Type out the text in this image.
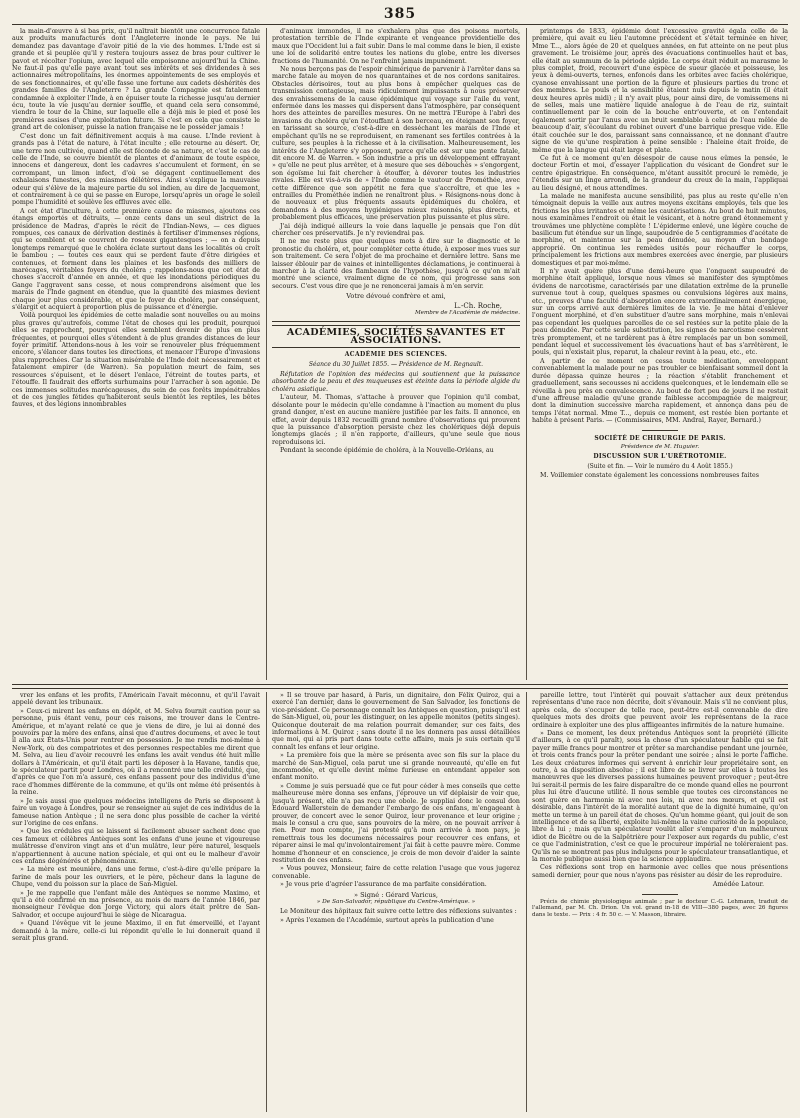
385

la main-d'œuvre à si bas prix, qu'il naîtrait bientôt une concurrence fatale aux produits manufacturés dont l'Angleterre inonde le pays. Ne lui demandez pas davantage d'avoir pitié de la vie des hommes. L'Inde est si grande et si peuplée qu'il y restera toujours assez de bras pour cultiver le pavot et récolter l'opium, avec lequel elle empoisonne aujourd'hui la Chine. Ne faut-il pas qu'elle paye avant tout ses intérêts et ses dividendes à ses actionnaires métropolitains, les énormes appointements de ses employés et de ses fonctionnaires, et qu'elle fasse une fortune aux cadets déshérités des grandes familles de l'Angleterre ? La grande Compagnie est fatalement condamnée à exploiter l'Inde, à en épuiser toute la richesse jusqu'au dernier écu, toute la vie jusqu'au dernier souffle, et quand cela sera consommé, viendra le tour de la Chine, sur laquelle elle a déjà mis le pied et posé les premières assises d'une exploitation future. Si c'est en cela que consiste le grand art de coloniser, puisse la nation française ne le posséder jamais !

C'est donc un fait définitivement acquis à ma cause. L'Inde revient à grands pas à l'état de nature, à l'état inculte ; elle retourne au désert. Or, une terre non cultivée, quand elle est féconde de sa nature, et c'est le cas de celle de l'Inde, se couvre bientôt de plantes et d'animaux de toute espèce, innocens et dangereux, dont les cadavres s'accumulent et forment, en se corrompant, un limon infect, d'où se dégagent continuellement des exhalaisons funestes, des miasmes délétères. Ainsi s'explique la mauvaise odeur qui s'élève de la majeure partie du sol indien, au dire de Jacquemont, et contrairement à ce qui se passe en Europe, lorsqu'après un orage le soleil pompe l'humidité et soulève les effluves avec elle.

A cet état d'inculture, à cette première cause de miasmes, ajoutons ces étangs emportés et détruits, — onze cents dans un seul district de la présidence de Madras, d'après le récit de l'Indian-News, — ces digues rompues, ces canaux de dérivation destinés à fertiliser d'immenses régions, qui se comblent et se couvrent de roseaux gigantesques ; — on a depuis longtemps remarqué que le choléra éclate surtout dans les localités où croît le bambou ; — toutes ces eaux qui se perdent faute d'être dirigées et contenues, et forment dans les plaines et les basfonds des milliers de marécages, véritables foyers du choléra ; rappelons-nous que cet état de choses s'accroît d'année en année, et que les inondations périodiques du Gange l'aggravent sans cesse, et nous comprendrons aisément que les marais de l'Inde gagnent en étendue, que la quantité des miasmes devient chaque jour plus considérable, et que le foyer du choléra, par conséquent, s'élargit et acquiert à proportion plus de puissance et d'énergie.

Voilà pourquoi les épidémies de cette maladie sont nouvelles ou au moins plus graves qu'autrefois, comme l'état de choses qui les produit, pourquoi elles se rapprochent, pourquoi elles semblent devenir de plus en plus fréquentes, et pourquoi elles s'étendent à de plus grandes distances de leur foyer primitif. Attendons-nous à les voir se renouveler plus fréquemment encore, s'élancer dans toutes les directions, et menacer l'Europe d'invasions plus rapprochées. Car la situation misérable de l'Inde doit nécessairement et fatalement empirer (de Warren). Sa population meurt de faim, ses ressources s'épuisent, et le désert l'enlace, l'étreint de toutes parts, et l'étouffe. Il faudrait des efforts surhumains pour l'arracher à son agonie. De ces immenses solitudes marécageuses, du sein de ces forêts impénétrables et de ces jungles fétides qu'habiteront seuls bientôt les reptiles, les bêtes fauves, et des légions innombrables

d'animaux immondes, il ne s'exhalera plus que des poisons mortels, protestation terrible de l'Inde expirante et vengeance providentielle des maux que l'Occident lui a fait subir. Dans le mal comme dans le bien, il existe une loi de solidarité entre toutes les nations du globe, entre les diverses fractions de l'humanité. On ne l'enfreint jamais impunément.

Ne nous berçons pas de l'espoir chimérique de parvenir à l'arrêter dans sa marche fatale au moyen de nos quarantaines et de nos cordons sanitaires. Obstacles dérisoires, tout au plus bons à empêcher quelques cas de transmission contagieuse, mais ridiculement impuissants à nous préserver des envahissemens de la cause épidémique qui voyage sur l'aile du vent, enfermée dans les masses qui dispersent dans l'atmosphère, par conséquent hors des atteintes de pareilles mesures. On ne mettra l'Europe à l'abri des invasions du choléra qu'en l'étouffant à son berceau, en éteignant son foyer, en tarissant sa source, c'est-à-dire en desséchant les marais de l'Inde et empêchant qu'ils ne se reproduisent, en ramenant ses fertiles contrées à la culture, ses peuples à la richesse et à la civilisation. Malheureusement, les intérêts de l'Angleterre s'y opposent, parce qu'elle est sur une pente fatale, dit encore M. de Warren. « Son industrie a pris un développement effrayant » qu'elle ne peut plus arrêter, et à mesure que ses débouchés » s'engorgent, son égoïsme lui fait chercher à étouffer, à dévorer toutes les industries rivales. Elle est vis-à-vis de » l'Inde comme le vautour de Prométhée, avec cette différence que son appétit ne fera que s'accroître, et que les » entrailles du Prométhée indien ne renaîtront plus. » Résignons-nous donc à de nouveaux et plus fréquents assauts épidémiques du choléra, et demandons à des moyens hygiéniques mieux raisonnés, plus directs, et probablement plus efficaces, une préservation plus puissante et plus sûre.

J'ai déjà indiqué ailleurs la voie dans laquelle je pensais que l'on dût chercher ces préservatifs. Je n'y reviendrai pas.

Il ne me reste plus que quelques mots à dire sur le diagnostic et le pronostic du choléra, et, pour compléter cette étude, à exposer mes vues sur son traitement. Ce sera l'objet de ma prochaine et dernière lettre. Sans me laisser éblouir par de vaines et inintelligentes déclamations, je continuerai à marcher à la clarté des flambeaux de l'hypothèse, jusqu'à ce qu'on m'ait montré une science, vraiment digne de ce nom, qui progresse sans son secours. C'est vous dire que je ne renoncerai jamais à m'en servir.

Votre dévoué confrère et ami,
L.-Ch. Roche,
Membre de l'Académie de médecine.
ACADÉMIES, SOCIÉTÉS SAVANTES ET ASSOCIATIONS.
ACADÉMIE DES SCIENCES.
Séance du 30 Juillet 1855. — Présidence de M. Regnault.

Réfutation de l'opinion des médecins qui soutiennent que la puissance absorbante de la peau et des muqueuses est éteinte dans la période algide du choléra asiatique.

L'auteur, M. Thomas, s'attache à prouver que l'opinion qu'il combat, désolante pour le médecin qu'elle condamne à l'inaction au moment du plus grand danger, n'est en aucune manière justifiée par les faits. Il annonce, en effet, avoir depuis 1832 recueilli grand nombre d'observations qui prouvent que la puissance d'absorption persiste chez les cholériques déjà depuis longtemps glacés ; il n'en rapporte, d'ailleurs, qu'une seule que nous reproduisons ici.

Pendant la seconde épidémie de choléra, à la Nouvelle-Orléans, au

printemps de 1833, épidémie dont l'excessive gravité égala celle de la première, qui avait eu lieu l'automne précédent et s'était terminée en hiver, Mme T..., alors âgée de 20 et quelques années, en fut atteinte on ne peut plus gravement. Le troisième jour, après des évacuations continuelles haut et bas, elle était au summum de la période algide. Le corps était réduit au marasme le plus complet, froid, recouvert d'une espèce de sueur glacée et poisseuse, les yeux à demi-ouverts, ternes, enfoncés dans les orbites avec facies cholérique, cyanose envahissant une portion de la figure et plusieurs parties du tronc et des membres. Le pouls et la sensibilité étaient nuls depuis le matin (il était deux heures après midi) ; il n'y avait plus, pour ainsi dire, de vomissemens ni de selles, mais une matière liquide analogue à de l'eau de riz, suintait continuellement par le coin de la bouche entr'ouverte, et on l'entendait également sortir par l'anus avec un bruit semblable à celui de l'eau mêlée de beaucoup d'air, s'écoulant du robinet ouvert d'une barrique presque vide. Elle était couchée sur le dos, paraissant sans connaissance, et ne donnant d'autre signe de vie qu'une respiration à peine sensible : l'haleine était froide, de même que la langue qui était large et plate.

Ce fut à ce moment qu'en désespoir de cause nous eûmes la pensée, le docteur Fortin et moi, d'essayer l'application du vésicant de Gondret sur le centre épigastrique. En conséquence, m'étant aussitôt procuré le remède, je l'étendis sur un linge arrondi, de la grandeur du creux de la main, l'appliquai au lieu désigné, et nous attendîmes.

La malade ne manifesta aucune sensibilité, pas plus au reste qu'elle n'en témoignait depuis la veille aux autres moyens excitans employés, tels que les frictions les plus irritantes et même les cautérisations. Au bout de huit minutes, nous examinâmes l'endroit où était le vésicant, et à notre grand étonnement y trouvâmes une phlyctène complète ! L'épiderme enlevé, une légère couche de basilicum fut étendue sur un linge, saupoudrée de 5 centigrammes d'acétate de morphine, et maintenue sur la peau dénudée, au moyen d'un bandage approprié. On continua les remèdes usités pour réchauffer le corps, principalement les frictions aux membres exercées avec énergie, par plusieurs domestiques et par moi-même.

Il n'y avait guère plus d'une demi-heure que l'onguent saupoudré de morphine était appliqué, lorsque nous vîmes se manifester des symptômes évidens de narcotisme, caractérisés par une dilatation extrême de la prunelle survenue tout à coup, quelques spasmes ou convulsions légères aux mains, etc., preuves d'une faculté d'absorption encore extraordinairement énergique, sur un corps arrivé aux dernières limites de la vie. Je me hâtai d'enlever l'onguent morphiné, et d'en substituer d'autre sans morphine, mais n'enlevai pas cependant les quelques parcelles de ce sel restées sur la petite plaie de la peau dénudée. Par cette seule substitution, les signes de narcotisme cessèrent très promptement, et ne tardèrent pas à être remplacés par un bon sommeil, pendant lequel et successivement les évacuations haut et bas s'arrêtèrent, le pouls, qui n'existait plus, reparut, la chaleur revint à la peau, etc., etc.

A partir de ce moment on cessa toute médication, enveloppant convenablement la malade pour ne pas troubler ce bienfaisant sommeil dont la durée dépassa quinze heures ; la réaction s'établit franchement et graduellement, sans secousses ni accidens quelconques, et le lendemain elle se réveilla à peu près en convalescence. Au bout de fort peu de jours il ne restait d'une affreuse maladie qu'une grande faiblesse accompagnée de maigreur, dont la diminution successive marcha rapidement, et annonça dans peu de temps l'état normal. Mme T..., depuis ce moment, est restée bien portante et habite à présent Paris. — (Commissaires, MM. Andral, Rayer, Bernard.)

SOCIÉTÉ DE CHIRURGIE DE PARIS.
Présidence de M. Huguier.
DISCUSSION SUR L'URÉTROTOMIE.
(Suite et fin. — Voir le numéro du 4 Août 1855.)

M. Voillemier constate également les concessions nombreuses faites

vrer les enfans et les profits, l'Américain l'avait méconnu, et qu'il l'avait appelé devant les tribunaux.

» Ceux-ci mirent les enfans en dépôt, et M. Selva fournit caution pour sa personne, puis étant venu, pour ces raisons, me trouver dans le Centre-Amérique, et m'ayant relaté ce que je viens de dire, je lui ai donné des pouvoirs par la mère des enfans, ainsi que d'autres documens, et avec le tout il alla aux États-Unis pour rentrer en possession. Je me rendis moi-même à New-York, où des compatriotes et des personnes respectables me dirent que M. Selva, au lieu d'avoir recouvré les enfans les avait vendus été huit mille dollars à l'Américain, et qu'il était parti les déposer à la Havane, tandis que, le spéculateur partit pour Londres, où il a rencontré une telle crédulité, que, d'après ce que l'on m'a assuré, ces enfans passent pour des individus d'une race d'hommes différente de la commune, et qu'ils ont même été présentés à la reine.

» Je sais aussi que quelques médecins intelligens de Paris se disposent à faire un voyage à Londres, pour se renseigner au sujet de ces individus de la fameuse nation Antèque ; il ne sera donc plus possible de cacher la vérité sur l'origine de ces enfans.

» Que les crédules qui se laissent si facilement abuser sachent donc que ces fameux et célèbres Antèques sont les enfans d'une jeune et vigoureuse mulâtresse d'environ vingt ans et d'un mulâtre, leur père naturel, lesquels n'appartiennent à aucune nation spéciale, et qui ont eu le malheur d'avoir ces enfans dégénérés et phénoménaux.

» La mère est meunière, dans une ferme, c'est-à-dire qu'elle prépare la farine de maïs pour les ouvriers, et le père, pêcheur dans la lagune de Chupe, vend du poisson sur la place de San-Miguel.

» Je me rappelle que l'enfant mâle des Antèques se nomme Maximo, et qu'il a été confirmé en ma présence, au mois de mars de l'année 1846, par monseigneur l'évêque don Jorge Victory, qui alors était prêtre de San-Salvador, et occupe aujourd'hui le siège de Nicaragua.

» Quand l'évêque vit le jeune Maximo, il en fut émerveillé, et l'ayant demandé à la mère, celle-ci lui répondit qu'elle le lui donnerait quand il serait plus grand.

» Il se trouve par hasard, à Paris, un dignitaire, don Félix Quiroz, qui a exercé l'an dernier, dans le gouvernement de San Salvador, les fonctions de vice-président. Ce personnage connaît les Antèques en question, puisqu'il est de San-Miguel, où, pour les distinguer, on les appelle monitos (petits singes). Quiconque douterait de ma relation pourrait demander, sur ces faits, des informations à M. Quiroz ; sans doute il ne les donnera pas aussi détaillées que moi, qui ai pris part dans toute cette affaire, mais je suis certain qu'il connaît les enfans et leur origine.

» La première fois que la mère se présenta avec son fils sur la place du marché de San-Miguel, cela parut une si grande nouveauté, qu'elle en fut incommodée, et qu'elle devint même furieuse en entendant appeler son enfant monito.

» Comme je suis persuadé que ce fut pour céder à mes conseils que cette malheureuse mère donna ses enfans, j'éprouve un vif déplaisir de voir que, jusqu'à présent, elle n'a pas reçu une obole. Je suppliai donc le consul don Edouard Wallerstein de demander l'embargo de ces enfans, m'engageant à prouver, de concert avec le senor Quiroz, leur provenance et leur origine ; mais le consul a cru que, sans pouvoirs de la mère, on ne pouvait arriver à rien. Pour mon compte, j'ai protesté qu'à mon arrivée à mon pays, je remettrais tous les documens nécessaires pour recouvrer ces enfans, et réparer ainsi le mal qu'involontairement j'ai fait à cette pauvre mère. Comme homme d'honneur et en conscience, je crois de mon devoir d'aider la sainte restitution de ces enfans.

» Vous pouvez, Monsieur, faire de cette relation l'usage que vous jugerez convenable.

» Je vous prie d'agréer l'assurance de ma parfaite considération.

» Signé : Gérard Varicus,
» De San-Salvador, république du Centre-Amérique. »

Le Moniteur des hôpitaux fait suivre cette lettre des réflexions suivantes :

» Après l'examen de l'Académie, surtout après la publication d'une

pareille lettre, tout l'intérêt qui pouvait s'attacher aux deux prétendus représentans d'une race non décrite, doit s'évanouir. Mais s'il ne convient plus, après cela, de s'occuper de telle race, peut-être est-il convenable de dire quelques mots des droits que peuvent avoir les représentans de la race ordinaire à exploiter une des plus affligeantes infirmités de la nature humaine.

» Dans ce moment, les deux prétendus Antèques sont la propriété (illicite d'ailleurs, à ce qu'il paraît), sous la chose d'un spéculateur habile qui se fait payer mille francs pour montrer et prêter sa marchandise pendant une journée, et trois cents francs pour la prêter pendant une soirée ; ainsi le porte l'affiche. Les deux créatures informes qui servent à enrichir leur propriétaire sont, en outre, à sa disposition absolue ; il est libre de se livrer sur elles à toutes les manœuvres que les diverses passions humaines peuvent provoquer ; peut-être lui serait-il permis de les faire disparaître de ce monde quand elles ne pourront plus lui être d'aucune utilité. Il nous semble que toutes ces circonstances ne sont guère en harmonie ni avec nos lois, ni avec nos mœurs, et qu'il est désirable, dans l'intérêt de la moralité autant que de la dignité humaine, qu'on mette un terme à un pareil état de choses. Qu'un homme géant, qui jouit de son intelligence et de sa liberté, exploite lui-même la vaine curiosité de la populace, libre à lui ; mais qu'un spéculateur voulût aller s'emparer d'un malheureux idiot de Bicêtre ou de la Salpêtrière pour l'exposer aux regards du public, c'est ce que l'administration, c'est ce que le procureur impérial ne toléreraient pas. Qu'ils ne se montrent pas plus indulgens pour le spéculateur transatlantique, et la morale publique aussi bien que la science applaudira.

Ces réflexions sont trop en harmonie avec celles que nous présentions samedi dernier, pour que nous n'ayons pas résister au désir de les reproduire.

Amédée Latour.

Précis de chimie physiologique animale ; par le docteur C.-G. Lehmann, traduit de l'allemand, par M. Ch. Drion. Un vol. grand in-18 de VIII—380 pages, avec 26 figures dans le texte. — Prix : 4 fr. 50 c. — V. Masson, libraire.
